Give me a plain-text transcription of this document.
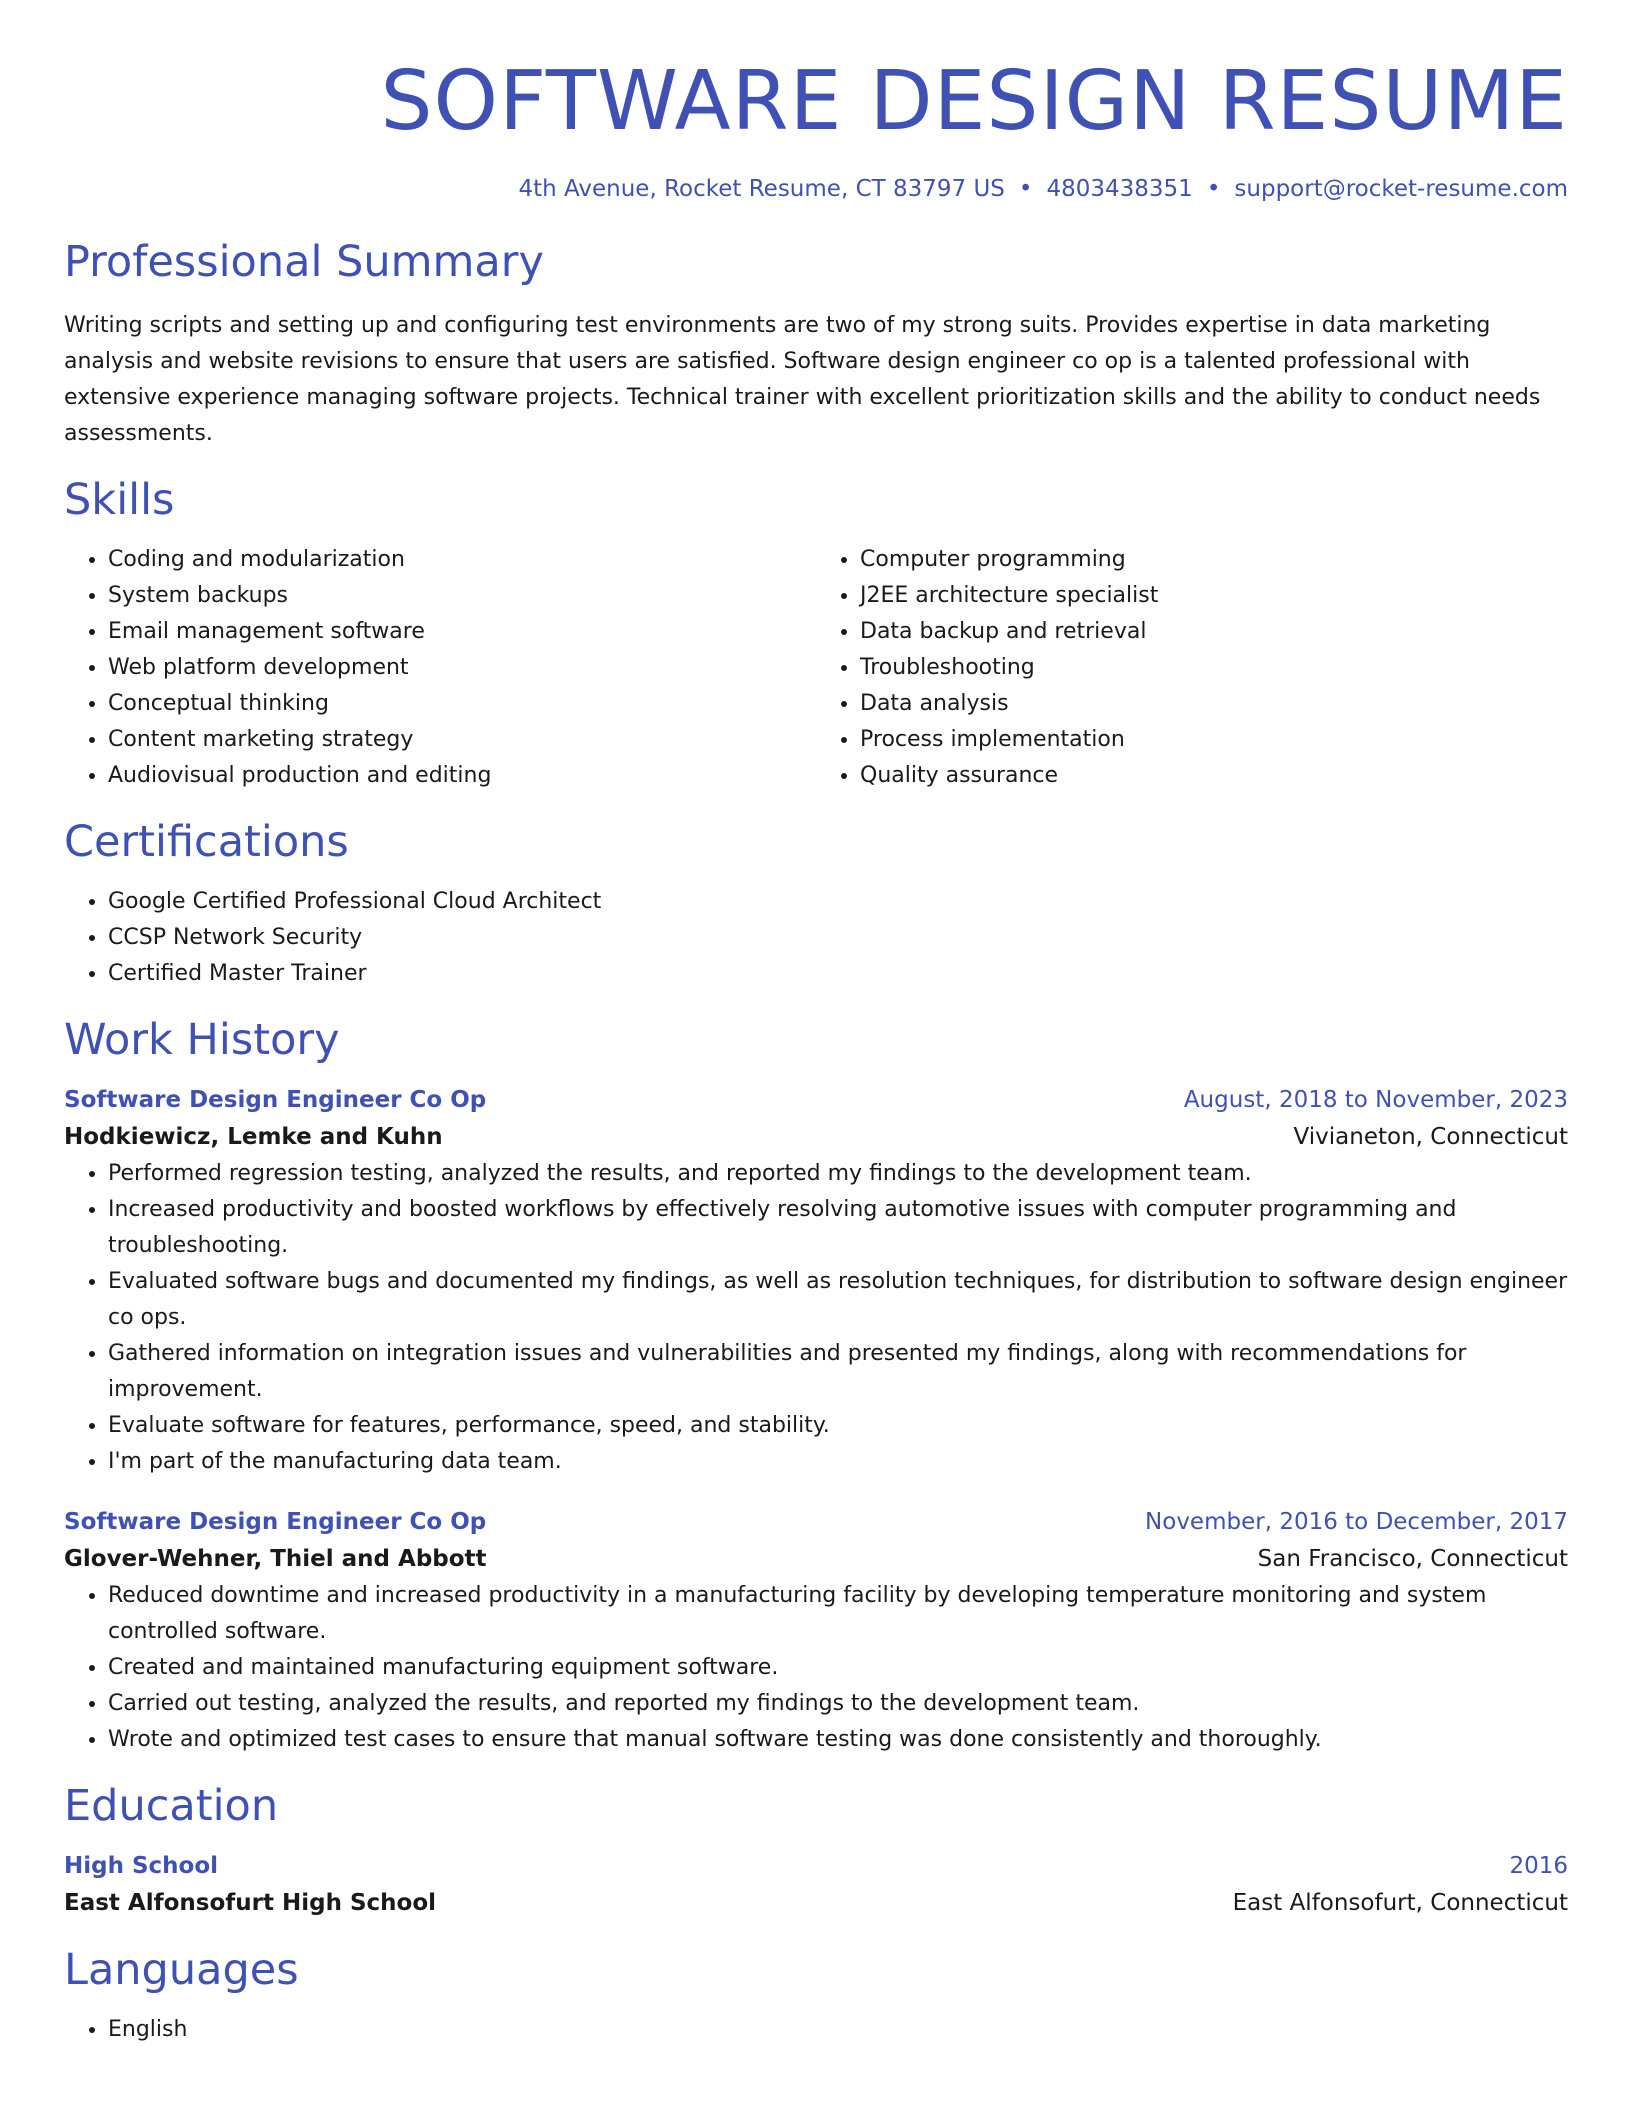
SOFTWARE DESIGN RESUME
4th Avenue, Rocket Resume, CT 83797 US • 4803438351 • support@rocket-resume.com
Professional Summary

Writing scripts and setting up and configuring test environments are two of my strong suits. Provides expertise in data marketing analysis and website revisions to ensure that users are satisfied. Software design engineer co op is a talented professional with extensive experience managing software projects. Technical trainer with excellent prioritization skills and the ability to conduct needs assessments.

Skills
• Coding and modularization
• System backups
• Email management software
• Web platform development
• Conceptual thinking
• Content marketing strategy
• Audiovisual production and editing
• Computer programming
• J2EE architecture specialist
• Data backup and retrieval
• Troubleshooting
• Data analysis
• Process implementation
• Quality assurance
Certifications
• Google Certified Professional Cloud Architect
• CCSP Network Security
• Certified Master Trainer
Work History
Software Design Engineer Co Op	August, 2018 to November, 2023
Hodkiewicz, Lemke and Kuhn	Vivianeton, Connecticut
• Performed regression testing, analyzed the results, and reported my findings to the development team.
• Increased productivity and boosted workflows by effectively resolving automotive issues with computer programming and troubleshooting.
• Evaluated software bugs and documented my findings, as well as resolution techniques, for distribution to software design engineer co ops.
• Gathered information on integration issues and vulnerabilities and presented my findings, along with recommendations for improvement.
• Evaluate software for features, performance, speed, and stability.
• I'm part of the manufacturing data team.
Software Design Engineer Co Op	November, 2016 to December, 2017
Glover-Wehner, Thiel and Abbott	San Francisco, Connecticut
• Reduced downtime and increased productivity in a manufacturing facility by developing temperature monitoring and system controlled software.
• Created and maintained manufacturing equipment software.
• Carried out testing, analyzed the results, and reported my findings to the development team.
• Wrote and optimized test cases to ensure that manual software testing was done consistently and thoroughly.
Education
High School	2016
East Alfonsofurt High School	East Alfonsofurt, Connecticut
Languages
• English
